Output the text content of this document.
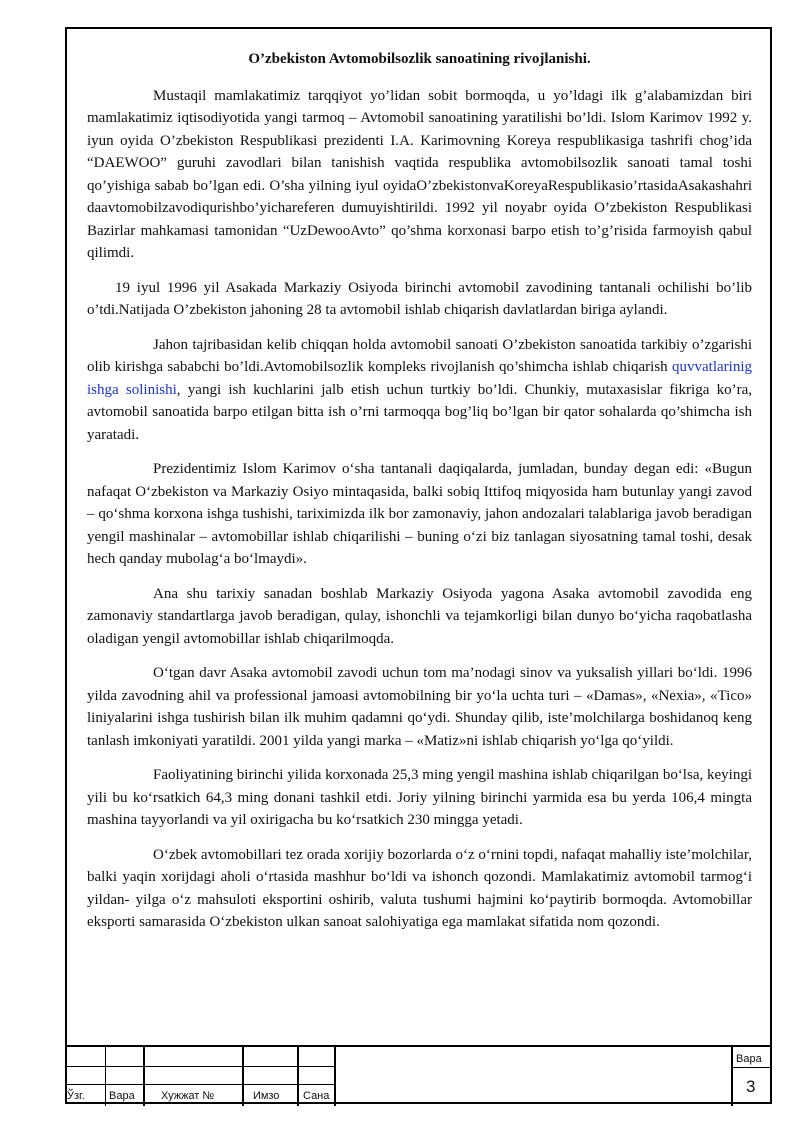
O’zbekiston Avtomobilsozlik sanoatining rivojlanishi.

Mustaqil mamlakatimiz tarqqiyot yo’lidan sobit bormoqda, u yo’ldagi ilk g’alabamizdan biri mamlakatimiz iqtisodiyotida yangi tarmoq – Avtomobil sanoatining yaratilishi bo’ldi. Islom Karimov 1992 y. iyun oyida O’zbekiston Respublikasi prezidenti I.A. Karimovning Koreya respublikasiga tashrifi chog’ida “DAEWOO” guruhi zavodlari bilan tanishish vaqtida respublika avtomobilsozlik sanoati tamal toshi qo’yishiga sabab bo’lgan edi. O’sha yilning iyul oyidaO’zbekistonvaKoreyaRespublikasio’rtasidaAsakashahridaavtomobilzavodiqurishbo’yichareferen dumuyishtirildi. 1992 yil noyabr oyida O’zbekiston Respublikasi Bazirlar mahkamasi tamonidan “UzDewooAvto” qo’shma korxonasi barpo etish to’g’risida farmoyish qabul qilimdi.

19 iyul 1996 yil Asakada Markaziy Osiyoda birinchi avtomobil zavodining tantanali ochilishi bo’lib o’tdi.Natijada O’zbekiston jahoning 28 ta avtomobil ishlab chiqarish davlatlardan biriga aylandi.

Jahon tajribasidan kelib chiqqan holda avtomobil sanoati O’zbekiston sanoatida tarkibiy o’zgarishi olib kirishga sababchi bo’ldi.Avtomobilsozlik kompleks rivojlanish qo’shimcha ishlab chiqarish quvvatlarinig ishga solinishi, yangi ish kuchlarini jalb etish uchun turtkiy bo’ldi. Chunkiy, mutaxasislar fikriga ko’ra, avtomobil sanoatida barpo etilgan bitta ish o’rni tarmoqqa bog’liq bo’lgan bir qator sohalarda qo’shimcha ish yaratadi.

Prezidentimiz Islom Karimov o‘sha tantanali daqiqalarda, jumladan, bunday degan edi: «Bugun nafaqat O‘zbekiston va Markaziy Osiyo mintaqasida, balki sobiq Ittifoq miqyosida ham butunlay yangi zavod – qo‘shma korxona ishga tushishi, tariximizda ilk bor zamonaviy, jahon andozalari talablariga javob beradigan yengil mashinalar – avtomobillar ishlab chiqarilishi – buning o‘zi biz tanlagan siyosatning tamal toshi, desak hech qanday mubolag‘a bo‘lmaydi».

Ana shu tarixiy sanadan boshlab Markaziy Osiyoda yagona Asaka avtomobil zavodida eng zamonaviy standartlarga javob beradigan, qulay, ishonchli va tejamkorligi bilan dunyo bo‘yicha raqobatlasha oladigan yengil avtomobillar ishlab chiqarilmoqda.

O‘tgan davr Asaka avtomobil zavodi uchun tom ma’nodagi sinov va yuksalish yillari bo‘ldi. 1996 yilda zavodning ahil va professional jamoasi avtomobilning bir yo‘la uchta turi – «Damas», «Nexia», «Tico» liniyalarini ishga tushirish bilan ilk muhim qadamni qo‘ydi. Shunday qilib, iste’molchilarga boshidanoq keng tanlash imkoniyati yaratildi. 2001 yilda yangi marka – «Matiz»ni ishlab chiqarish yo‘lga qo‘yildi.

Faoliyatining birinchi yilida korxonada 25,3 ming yengil mashina ishlab chiqarilgan bo‘lsa, keyingi yili bu ko‘rsatkich 64,3 ming donani tashkil etdi. Joriy yilning birinchi yarmida esa bu yerda 106,4 mingta mashina tayyorlandi va yil oxirigacha bu ko‘rsatkich 230 mingga yetadi.

O‘zbek avtomobillari tez orada xorijiy bozorlarda o‘z o‘rnini topdi, nafaqat mahalliy iste’molchilar, balki yaqin xorijdagi aholi o‘rtasida mashhur bo‘ldi va ishonch qozondi. Mamlakatimiz avtomobil tarmog‘i yildan- yilga o‘z mahsuloti eksportini oshirib, valuta tushumi hajmini ko‘paytirib bormoqda. Avtomobillar eksporti samarasida O‘zbekiston ulkan sanoat salohiyatiga ega mamlakat sifatida nom qozondi.

Ўзг. Вара Хужжат №	Имзо Сана
Вара
3
